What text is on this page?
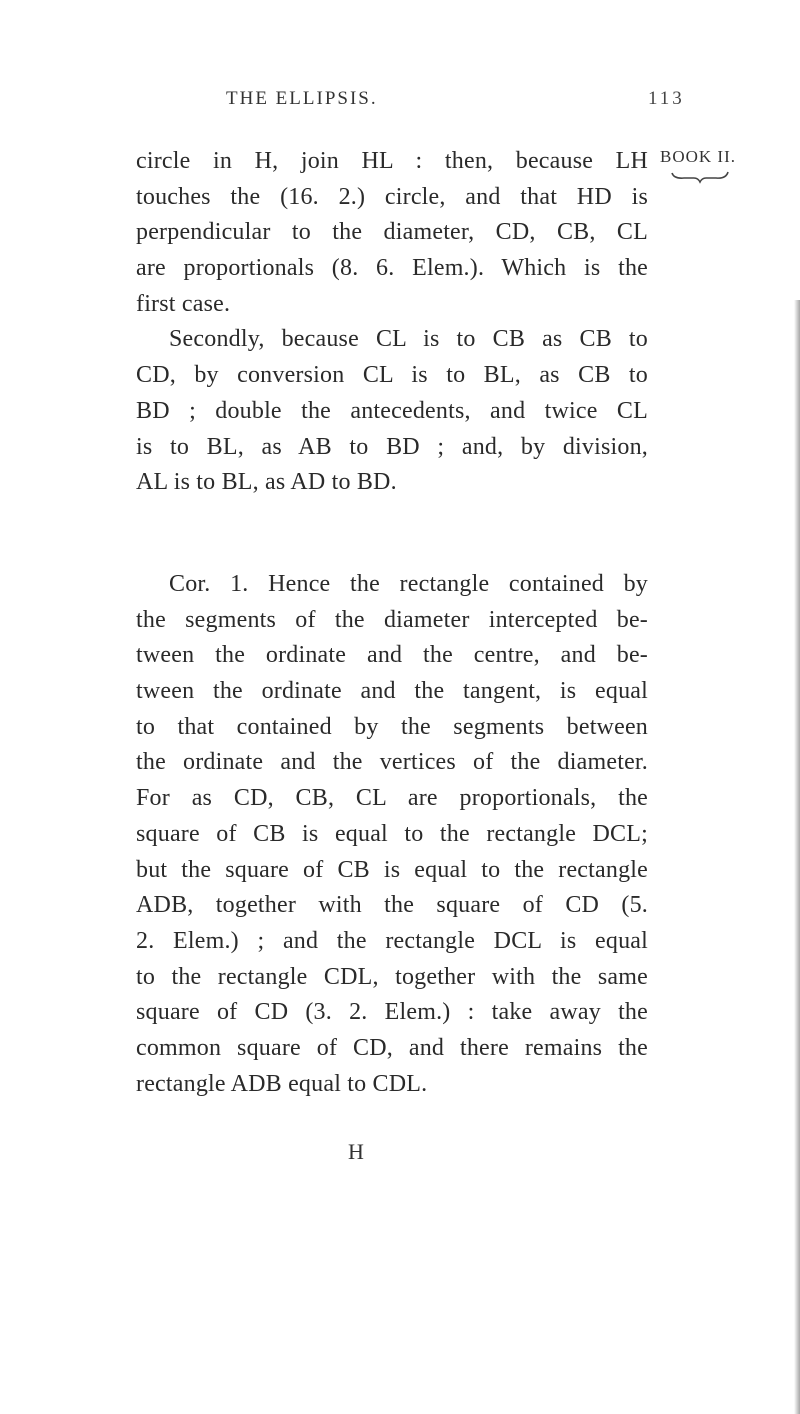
THE ELLIPSIS.	113
BOOK II.
circle in H, join HL : then, because LH
touches the (16. 2.) circle, and that HD is
perpendicular to the diameter, CD, CB, CL
are proportionals (8. 6. Elem.). Which is the
first case.
Secondly, because CL is to CB as CB to
CD, by conversion CL is to BL, as CB to
BD ; double the antecedents, and twice CL
is to BL, as AB to BD ; and, by division,
AL is to BL, as AD to BD.
Cor. 1. Hence the rectangle contained by
the segments of the diameter intercepted be-
tween the ordinate and the centre, and be-
tween the ordinate and the tangent, is equal
to that contained by the segments between
the ordinate and the vertices of the diameter.
For as CD, CB, CL are proportionals, the
square of CB is equal to the rectangle DCL;
but the square of CB is equal to the rectangle
ADB, together with the square of CD (5.
2. Elem.) ; and the rectangle DCL is equal
to the rectangle CDL, together with the same
square of CD (3. 2. Elem.) : take away the
common square of CD, and there remains the
rectangle ADB equal to CDL.
H
